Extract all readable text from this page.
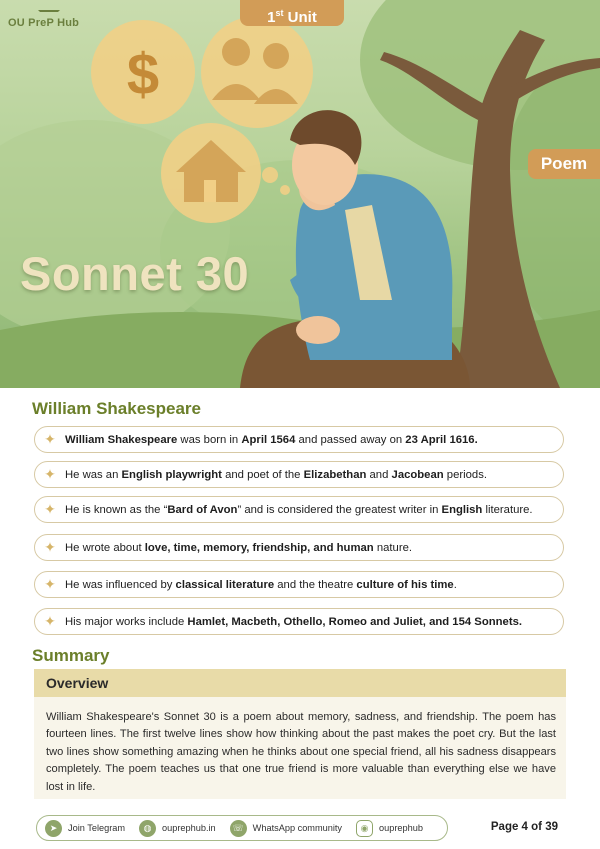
$
OU PreP Hub	1st Unit
Poem
Sonnet 30
William Shakespeare
✦ William Shakespeare was born in April 1564 and passed away on 23 April 1616.
✦ He was an English playwright and poet of the Elizabethan and Jacobean periods.
✦ He is known as the “Bard of Avon” and is considered the greatest writer in English literature.
✦ He wrote about love, time, memory, friendship, and human nature.
✦ He was influenced by classical literature and the theatre culture of his time.
✦ His major works include Hamlet, Macbeth, Othello, Romeo and Juliet, and 154 Sonnets.
Summary
Overview
William Shakespeare's Sonnet 30 is a poem about memory, sadness, and friendship. The poem has fourteen lines. The first twelve lines show how thinking about the past makes the poet cry. But the last two lines show something amazing when he thinks about one special friend, all his sadness disappears completely. The poem teaches us that one true friend is more valuable than everything else we have lost in life.
➤	Join Telegram	◍	ouprephub.in	☏ WhatsApp community	◉	ouprephub	Page 4 of 39
